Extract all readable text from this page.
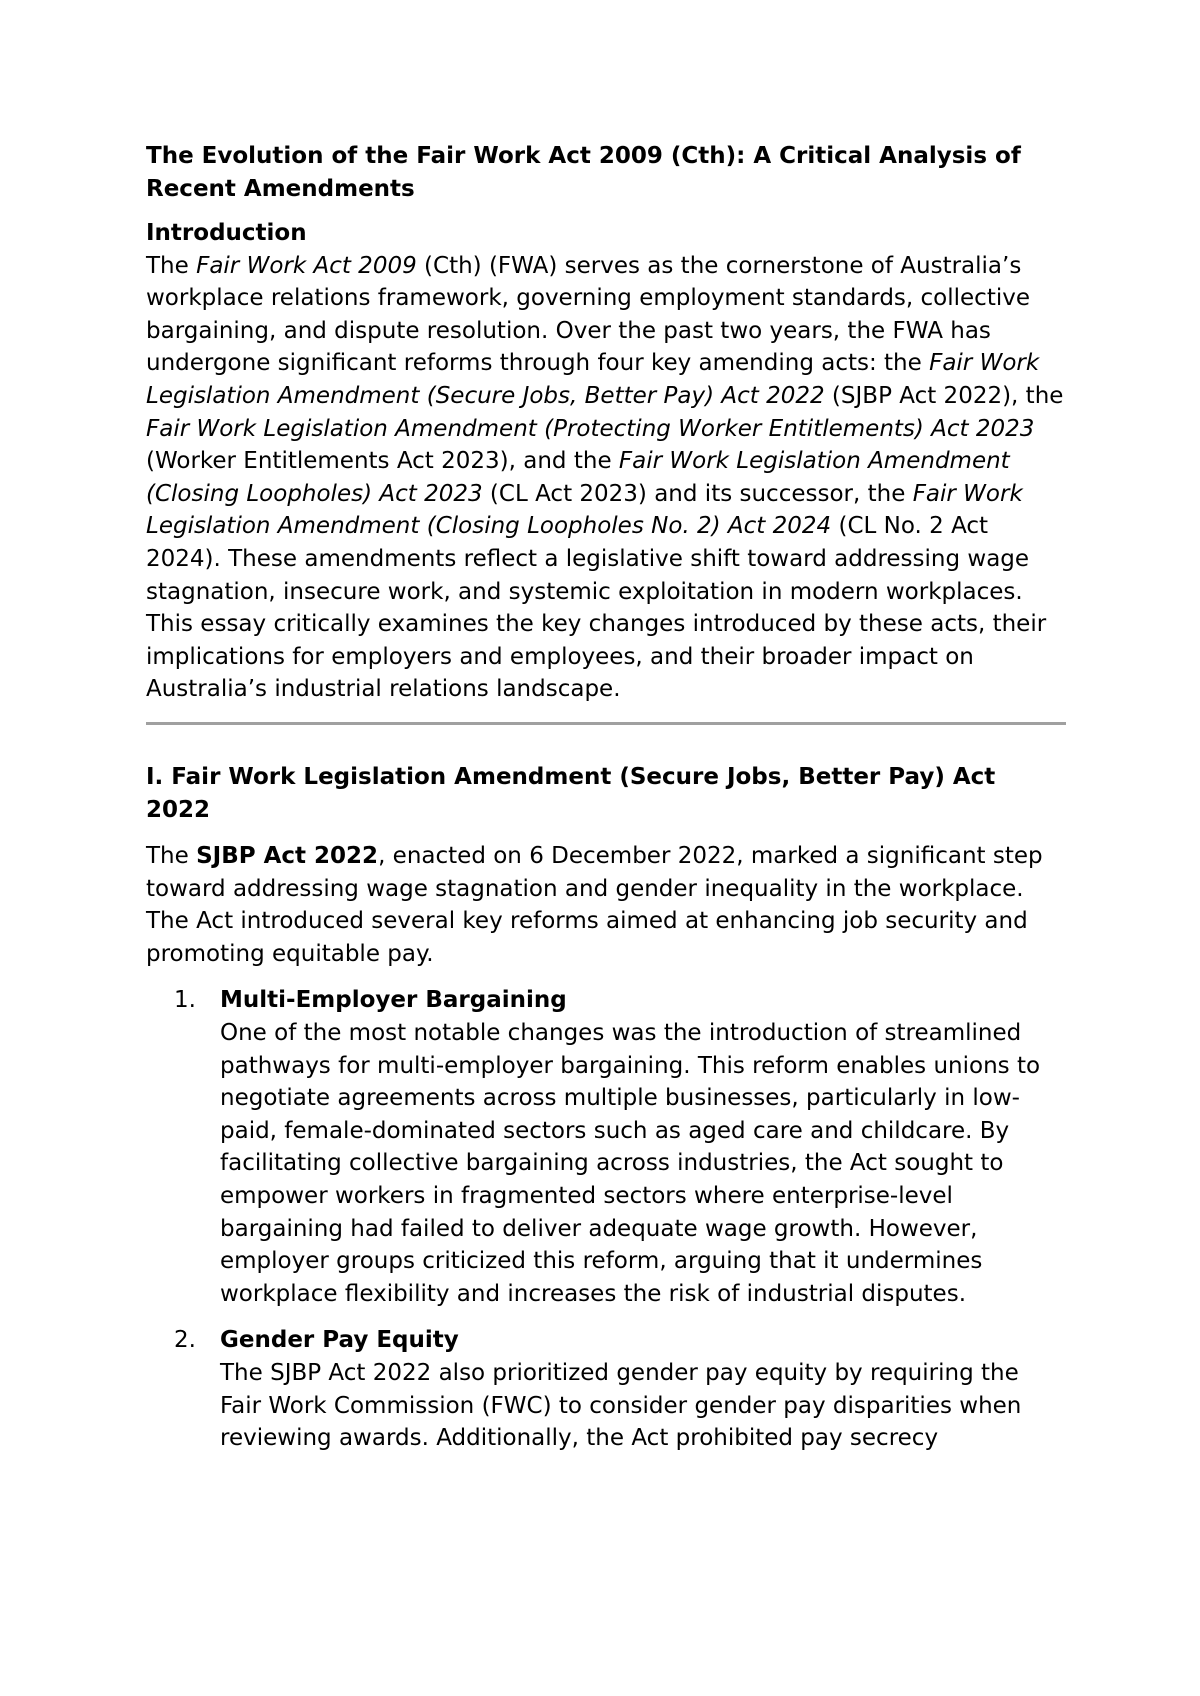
The Evolution of the Fair Work Act 2009 (Cth): A Critical Analysis of Recent Amendments
Introduction

The Fair Work Act 2009 (Cth) (FWA) serves as the cornerstone of Australia’s workplace relations framework, governing employment standards, collective bargaining, and dispute resolution. Over the past two years, the FWA has undergone significant reforms through four key amending acts: the Fair Work Legislation Amendment (Secure Jobs, Better Pay) Act 2022 (SJBP Act 2022), the Fair Work Legislation Amendment (Protecting Worker Entitlements) Act 2023 (Worker Entitlements Act 2023), and the Fair Work Legislation Amendment (Closing Loopholes) Act 2023 (CL Act 2023) and its successor, the Fair Work Legislation Amendment (Closing Loopholes No. 2) Act 2024 (CL No. 2 Act 2024). These amendments reflect a legislative shift toward addressing wage stagnation, insecure work, and systemic exploitation in modern workplaces. This essay critically examines the key changes introduced by these acts, their implications for employers and employees, and their broader impact on Australia’s industrial relations landscape.

I. Fair Work Legislation Amendment (Secure Jobs, Better Pay) Act 2022

The SJBP Act 2022, enacted on 6 December 2022, marked a significant step toward addressing wage stagnation and gender inequality in the workplace. The Act introduced several key reforms aimed at enhancing job security and promoting equitable pay.

1. Multi-Employer Bargaining
One of the most notable changes was the introduction of streamlined pathways for multi-employer bargaining. This reform enables unions to negotiate agreements across multiple businesses, particularly in low-paid, female-dominated sectors such as aged care and childcare. By facilitating collective bargaining across industries, the Act sought to empower workers in fragmented sectors where enterprise-level bargaining had failed to deliver adequate wage growth. However, employer groups criticized this reform, arguing that it undermines workplace flexibility and increases the risk of industrial disputes.
2. Gender Pay Equity
The SJBP Act 2022 also prioritized gender pay equity by requiring the Fair Work Commission (FWC) to consider gender pay disparities when reviewing awards. Additionally, the Act prohibited pay secrecy
